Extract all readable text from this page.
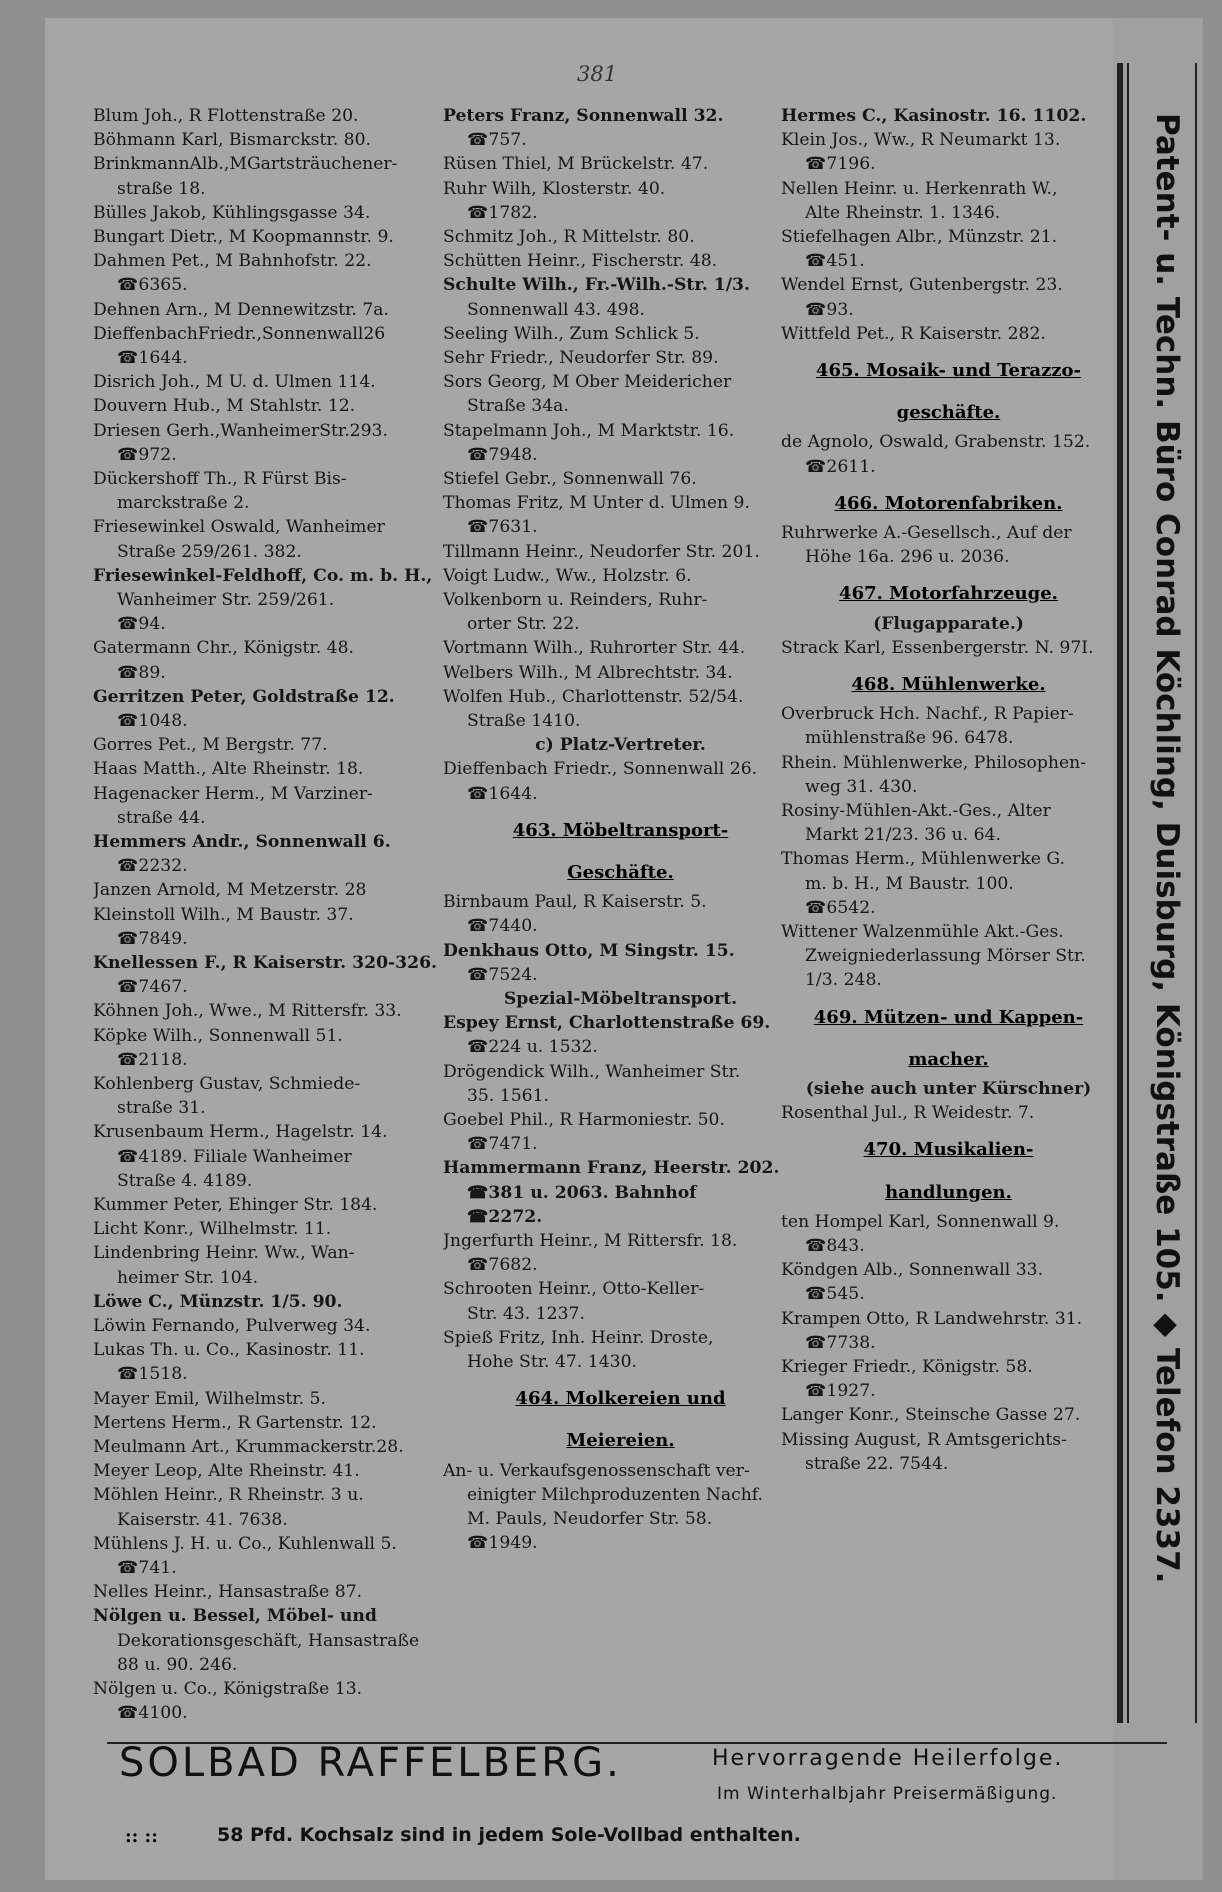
381
Blum Joh., R Flottenstraße 20.
Böhmann Karl, Bismarckstr. 80.
BrinkmannAlb.,MGartsträuchener-
straße 18.
Bülles Jakob, Kühlingsgasse 34.
Bungart Dietr., M Koopmannstr. 9.
Dahmen Pet., M Bahnhofstr. 22.
☎ 6365.
Dehnen Arn., M Dennewitzstr. 7a.
DieffenbachFriedr.,Sonnenwall26
☎ 1644.
Disrich Joh., M U. d. Ulmen 114.
Douvern Hub., M Stahlstr. 12.
Driesen Gerh.,WanheimerStr.293.
☎ 972.
Dückershoff Th., R Fürst Bis-
marckstraße 2.
Friesewinkel Oswald, Wanheimer
Straße 259/261. 382.
Friesewinkel-Feldhoff, Co. m. b. H.,
Wanheimer Str. 259/261.
☎ 94.
Gatermann Chr., Königstr. 48.
☎ 89.
Gerritzen Peter, Goldstraße 12.
☎ 1048.
Gorres Pet., M Bergstr. 77.
Haas Matth., Alte Rheinstr. 18.
Hagenacker Herm., M Varziner-
straße 44.
Hemmers Andr., Sonnenwall 6.
☎ 2232.
Janzen Arnold, M Metzerstr. 28
Kleinstoll Wilh., M Baustr. 37.
☎ 7849.
Knellessen F., R Kaiserstr. 320-326.
☎ 7467.
Köhnen Joh., Wwe., M Rittersfr. 33.
Köpke Wilh., Sonnenwall 51.
☎ 2118.
Kohlenberg Gustav, Schmiede-
straße 31.
Krusenbaum Herm., Hagelstr. 14.
☎ 4189. Filiale Wanheimer
Straße 4. 4189.
Kummer Peter, Ehinger Str. 184.
Licht Konr., Wilhelmstr. 11.
Lindenbring Heinr. Ww., Wan-
heimer Str. 104.
Löwe C., Münzstr. 1/5. 90.
Löwin Fernando, Pulverweg 34.
Lukas Th. u. Co., Kasinostr. 11.
☎ 1518.
Mayer Emil, Wilhelmstr. 5.
Mertens Herm., R Gartenstr. 12.
Meulmann Art., Krummackerstr.28.
Meyer Leop, Alte Rheinstr. 41.
Möhlen Heinr., R Rheinstr. 3 u.
Kaiserstr. 41. 7638.
Mühlens J. H. u. Co., Kuhlenwall 5.
☎ 741.
Nelles Heinr., Hansastraße 87.
Nölgen u. Bessel, Möbel- und
Dekorationsgeschäft, Hansastraße
88 u. 90. 246.
Nölgen u. Co., Königstraße 13.
☎ 4100.
Peters Franz, Sonnenwall 32.
☎ 757.
Rüsen Thiel, M Brückelstr. 47.
Ruhr Wilh, Klosterstr. 40.
☎ 1782.
Schmitz Joh., R Mittelstr. 80.
Schütten Heinr., Fischerstr. 48.
Schulte Wilh., Fr.-Wilh.-Str. 1/3.
Sonnenwall 43. 498.
Seeling Wilh., Zum Schlick 5.
Sehr Friedr., Neudorfer Str. 89.
Sors Georg, M Ober Meidericher
Straße 34a.
Stapelmann Joh., M Marktstr. 16.
☎ 7948.
Stiefel Gebr., Sonnenwall 76.
Thomas Fritz, M Unter d. Ulmen 9.
☎ 7631.
Tillmann Heinr., Neudorfer Str. 201.
Voigt Ludw., Ww., Holzstr. 6.
Volkenborn u. Reinders, Ruhr-
orter Str. 22.
Vortmann Wilh., Ruhrorter Str. 44.
Welbers Wilh., M Albrechtstr. 34.
Wolfen Hub., Charlottenstr. 52/54.
Straße 1410.
c) Platz-Vertreter.
Dieffenbach Friedr., Sonnenwall 26.
☎ 1644.
463. Möbeltransport-
Geschäfte.
Birnbaum Paul, R Kaiserstr. 5.
☎ 7440.
Denkhaus Otto, M Singstr. 15.
☎ 7524.
Spezial-Möbeltransport.
Espey Ernst, Charlottenstraße 69.
☎ 224 u. 1532.
Drögendick Wilh., Wanheimer Str.
35. 1561.
Goebel Phil., R Harmoniestr. 50.
☎ 7471.
Hammermann Franz, Heerstr. 202.
☎ 381 u. 2063. Bahnhof
☎ 2272.
Jngerfurth Heinr., M Rittersfr. 18.
☎ 7682.
Schrooten Heinr., Otto-Keller-
Str. 43. 1237.
Spieß Fritz, Inh. Heinr. Droste,
Hohe Str. 47. 1430.
464. Molkereien und
Meiereien.
An- u. Verkaufsgenossenschaft ver-
einigter Milchproduzenten Nachf.
M. Pauls, Neudorfer Str. 58.
☎ 1949.
Hermes C., Kasinostr. 16. 1102.
Klein Jos., Ww., R Neumarkt 13.
☎ 7196.
Nellen Heinr. u. Herkenrath W.,
Alte Rheinstr. 1. 1346.
Stiefelhagen Albr., Münzstr. 21.
☎ 451.
Wendel Ernst, Gutenbergstr. 23.
☎ 93.
Wittfeld Pet., R Kaiserstr. 282.
465. Mosaik- und Terazzo-
geschäfte.
de Agnolo, Oswald, Grabenstr. 152.
☎ 2611.
466. Motorenfabriken.
Ruhrwerke A.-Gesellsch., Auf der
Höhe 16a. 296 u. 2036.
467. Motorfahrzeuge.
(Flugapparate.)
Strack Karl, Essenbergerstr. N. 97I.
468. Mühlenwerke.
Overbruck Hch. Nachf., R Papier-
mühlenstraße 96. 6478.
Rhein. Mühlenwerke, Philosophen-
weg 31. 430.
Rosiny-Mühlen-Akt.-Ges., Alter
Markt 21/23. 36 u. 64.
Thomas Herm., Mühlenwerke G.
m. b. H., M Baustr. 100.
☎ 6542.
Wittener Walzenmühle Akt.-Ges.
Zweigniederlassung Mörser Str.
1/3. 248.
469. Mützen- und Kappen-
macher.
(siehe auch unter Kürschner)
Rosenthal Jul., R Weidestr. 7.
470. Musikalien-
handlungen.
ten Hompel Karl, Sonnenwall 9.
☎ 843.
Köndgen Alb., Sonnenwall 33.
☎ 545.
Krampen Otto, R Landwehrstr. 31.
☎ 7738.
Krieger Friedr., Königstr. 58.
☎ 1927.
Langer Konr., Steinsche Gasse 27.
Missing August, R Amtsgerichts-
straße 22. 7544.	Patent- u. Techn. Büro Conrad Köchling, Duisburg, Königstraße 105. ◆ Telefon 2337.
SOLBAD RAFFELBERG.	Hervorragende Heilerfolge.
Im Winterhalbjahr Preisermäßigung.
:: ::	58 Pfd. Kochsalz sind in jedem Sole-Vollbad enthalten.
